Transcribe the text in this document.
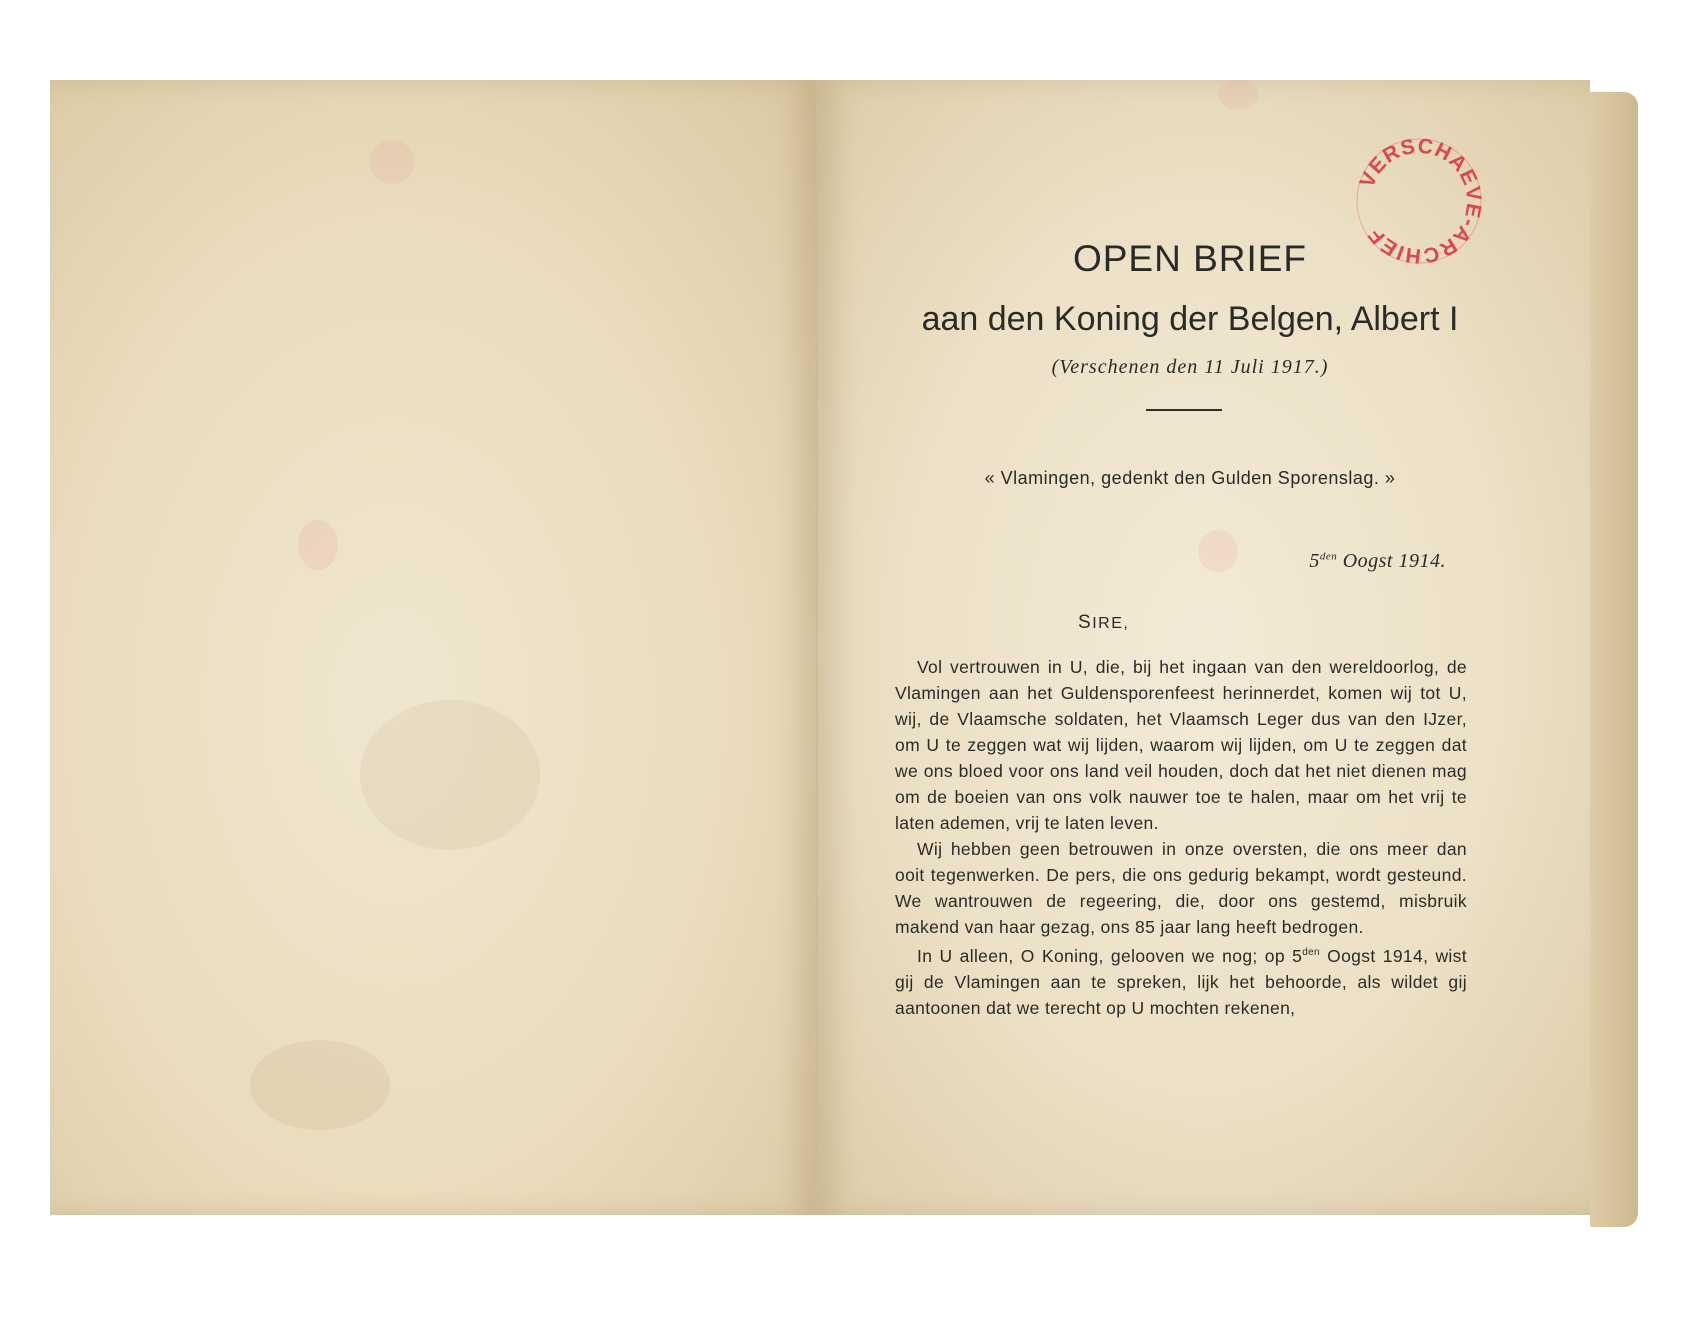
VERSCHAEVE-ARCHIEF
OPEN BRIEF
aan den Koning der Belgen, Albert I
(Verschenen den 11 Juli 1917.)
« Vlamingen, gedenkt den Gulden Sporenslag. »
$5^{den}$ Oogst 1914.
SIRE,

Vol vertrouwen in U, die, bij het ingaan van den wereldoorlog, de Vlamingen aan het Guldensporenfeest herinnerdet, komen wij tot U, wij, de Vlaamsche soldaten, het Vlaamsch Leger dus van den IJzer, om U te zeggen wat wij lijden, waarom wij lijden, om U te zeggen dat we ons bloed voor ons land veil houden, doch dat het niet dienen mag om de boeien van ons volk nauwer toe te halen, maar om het vrij te laten ademen, vrij te laten leven.

Wij hebben geen betrouwen in onze oversten, die ons meer dan ooit tegenwerken. De pers, die ons gedurig bekampt, wordt gesteund. We wantrouwen de regeering, die, door ons gestemd, misbruik makend van haar gezag, ons 85 jaar lang heeft bedrogen.

In U alleen, O Koning, gelooven we nog; op $5^{den}$ Oogst 1914, wist gij de Vlamingen aan te spreken, lijk het behoorde, als wildet gij aantoonen dat we terecht op U mochten rekenen,
